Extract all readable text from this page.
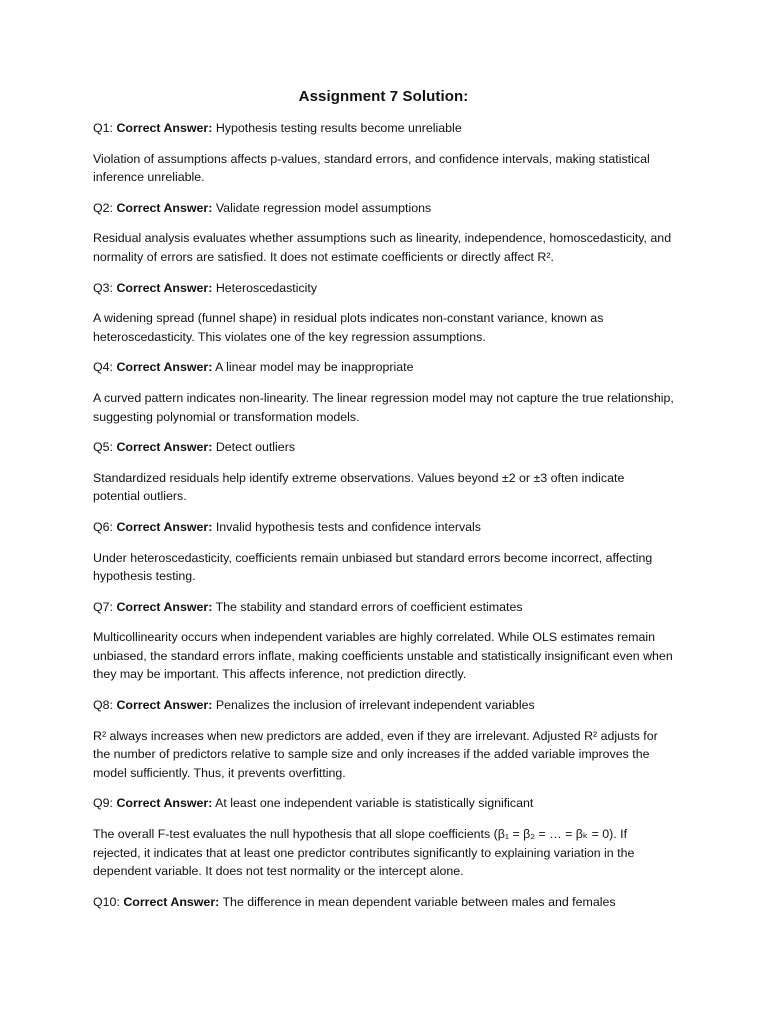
Assignment 7 Solution:

Q1: Correct Answer: Hypothesis testing results become unreliable

Violation of assumptions affects p-values, standard errors, and confidence intervals, making statistical inference unreliable.

Q2: Correct Answer: Validate regression model assumptions

Residual analysis evaluates whether assumptions such as linearity, independence, homoscedasticity, and normality of errors are satisfied. It does not estimate coefficients or directly affect R².

Q3: Correct Answer: Heteroscedasticity

A widening spread (funnel shape) in residual plots indicates non-constant variance, known as heteroscedasticity. This violates one of the key regression assumptions.

Q4: Correct Answer: A linear model may be inappropriate

A curved pattern indicates non-linearity. The linear regression model may not capture the true relationship, suggesting polynomial or transformation models.

Q5: Correct Answer: Detect outliers

Standardized residuals help identify extreme observations. Values beyond ±2 or ±3 often indicate potential outliers.

Q6: Correct Answer: Invalid hypothesis tests and confidence intervals

Under heteroscedasticity, coefficients remain unbiased but standard errors become incorrect, affecting hypothesis testing.

Q7: Correct Answer: The stability and standard errors of coefficient estimates

Multicollinearity occurs when independent variables are highly correlated. While OLS estimates remain unbiased, the standard errors inflate, making coefficients unstable and statistically insignificant even when they may be important. This affects inference, not prediction directly.

Q8: Correct Answer: Penalizes the inclusion of irrelevant independent variables

R² always increases when new predictors are added, even if they are irrelevant. Adjusted R² adjusts for the number of predictors relative to sample size and only increases if the added variable improves the model sufficiently. Thus, it prevents overfitting.

Q9: Correct Answer: At least one independent variable is statistically significant

The overall F-test evaluates the null hypothesis that all slope coefficients (β₁ = β₂ = … = βₖ = 0). If rejected, it indicates that at least one predictor contributes significantly to explaining variation in the dependent variable. It does not test normality or the intercept alone.

Q10: Correct Answer: The difference in mean dependent variable between males and females
